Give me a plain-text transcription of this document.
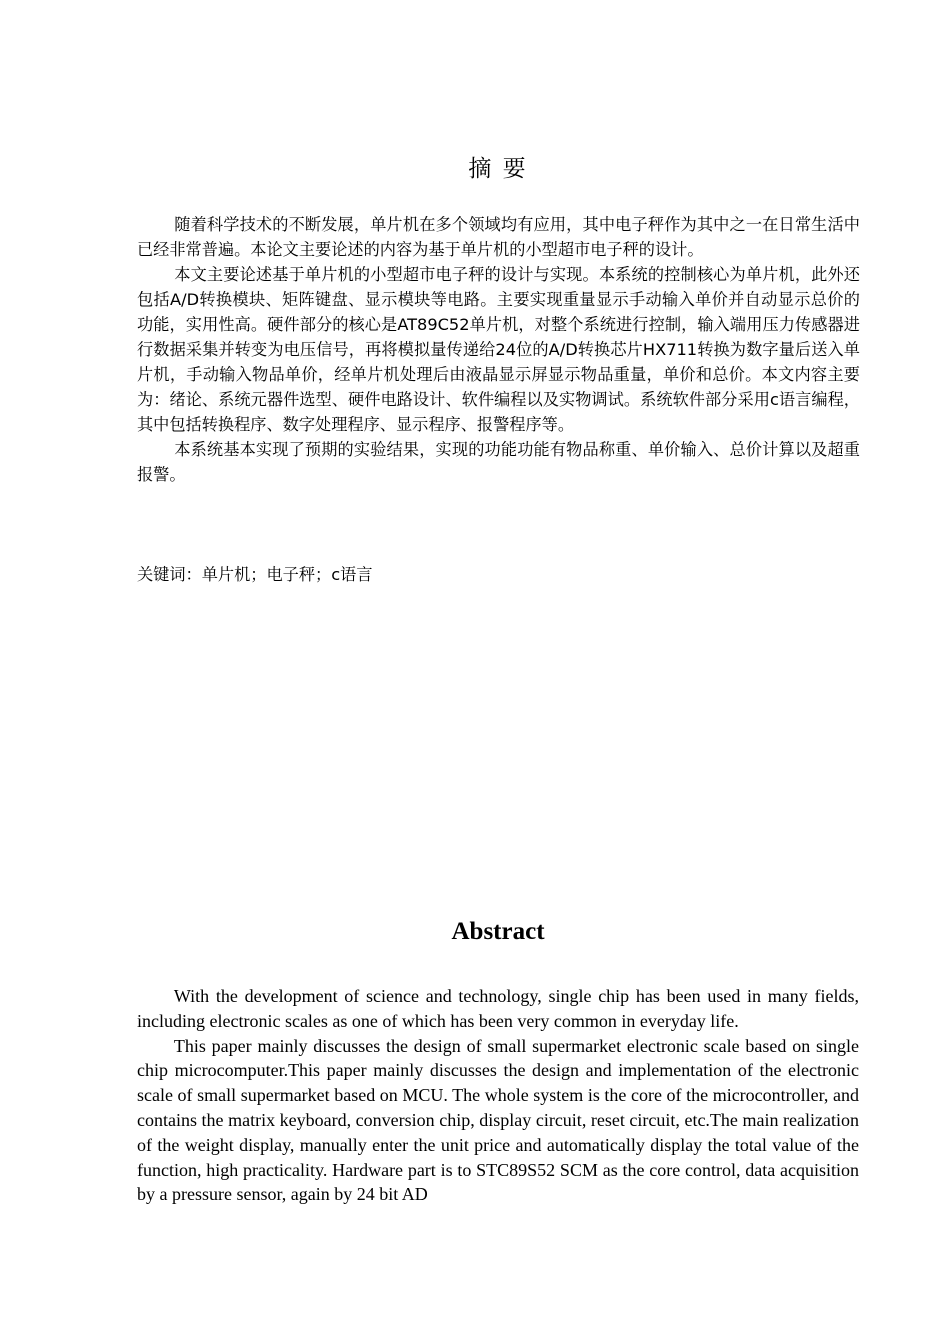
摘 要

随着科学技术的不断发展，单片机在多个领域均有应用，其中电子秤作为其中之一在日常生活中已经非常普遍。本论文主要论述的内容为基于单片机的小型超市电子秤的设计。

本文主要论述基于单片机的小型超市电子秤的设计与实现。本系统的控制核心为单片机，此外还包括A/D转换模块、矩阵键盘、显示模块等电路。主要实现重量显示手动输入单价并自动显示总价的功能，实用性高。硬件部分的核心是AT89C52单片机，对整个系统进行控制，输入端用压力传感器进行数据采集并转变为电压信号，再将模拟量传递给24位的A/D转换芯片HX711转换为数字量后送入单片机，手动输入物品单价，经单片机处理后由液晶显示屏显示物品重量，单价和总价。本文内容主要为：绪论、系统元器件选型、硬件电路设计、软件编程以及实物调试。系统软件部分采用c语言编程，其中包括转换程序、数字处理程序、显示程序、报警程序等。

本系统基本实现了预期的实验结果，实现的功能功能有物品称重、单价输入、总价计算以及超重报警。

关键词：单片机；电子秤；c语言

Abstract

With the development of science and technology, single chip has been used in many fields, including electronic scales as one of which has been very common in everyday life.

This paper mainly discusses the design of small supermarket electronic scale based on single chip microcomputer.This paper mainly discusses the design and implementation of the electronic scale of small supermarket based on MCU. The whole system is the core of the microcontroller, and contains the matrix keyboard, conversion chip, display circuit, reset circuit, etc.The main realization of the weight display, manually enter the unit price and automatically display the total value of the function, high practicality. Hardware part is to STC89S52 SCM as the core control, data acquisition by a pressure sensor, again by 24 bit AD
